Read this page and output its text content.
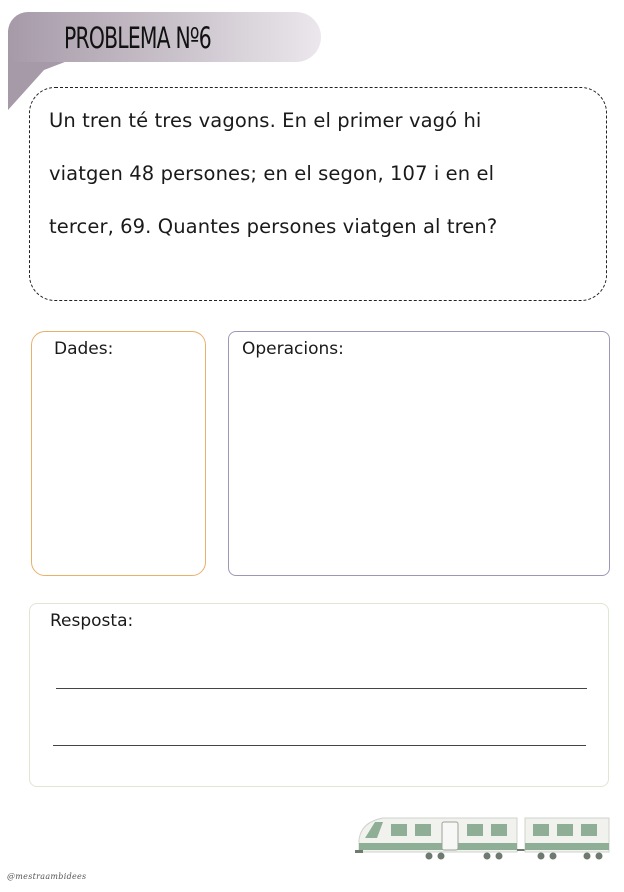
PROBLEMA Nº6
Un tren té tres vagons. En el primer vagó hi
viatgen 48 persones; en el segon, 107 i en el
tercer, 69. Quantes persones viatgen al tren?
Dades:	Operacions:
Resposta:
@mestraambidees
